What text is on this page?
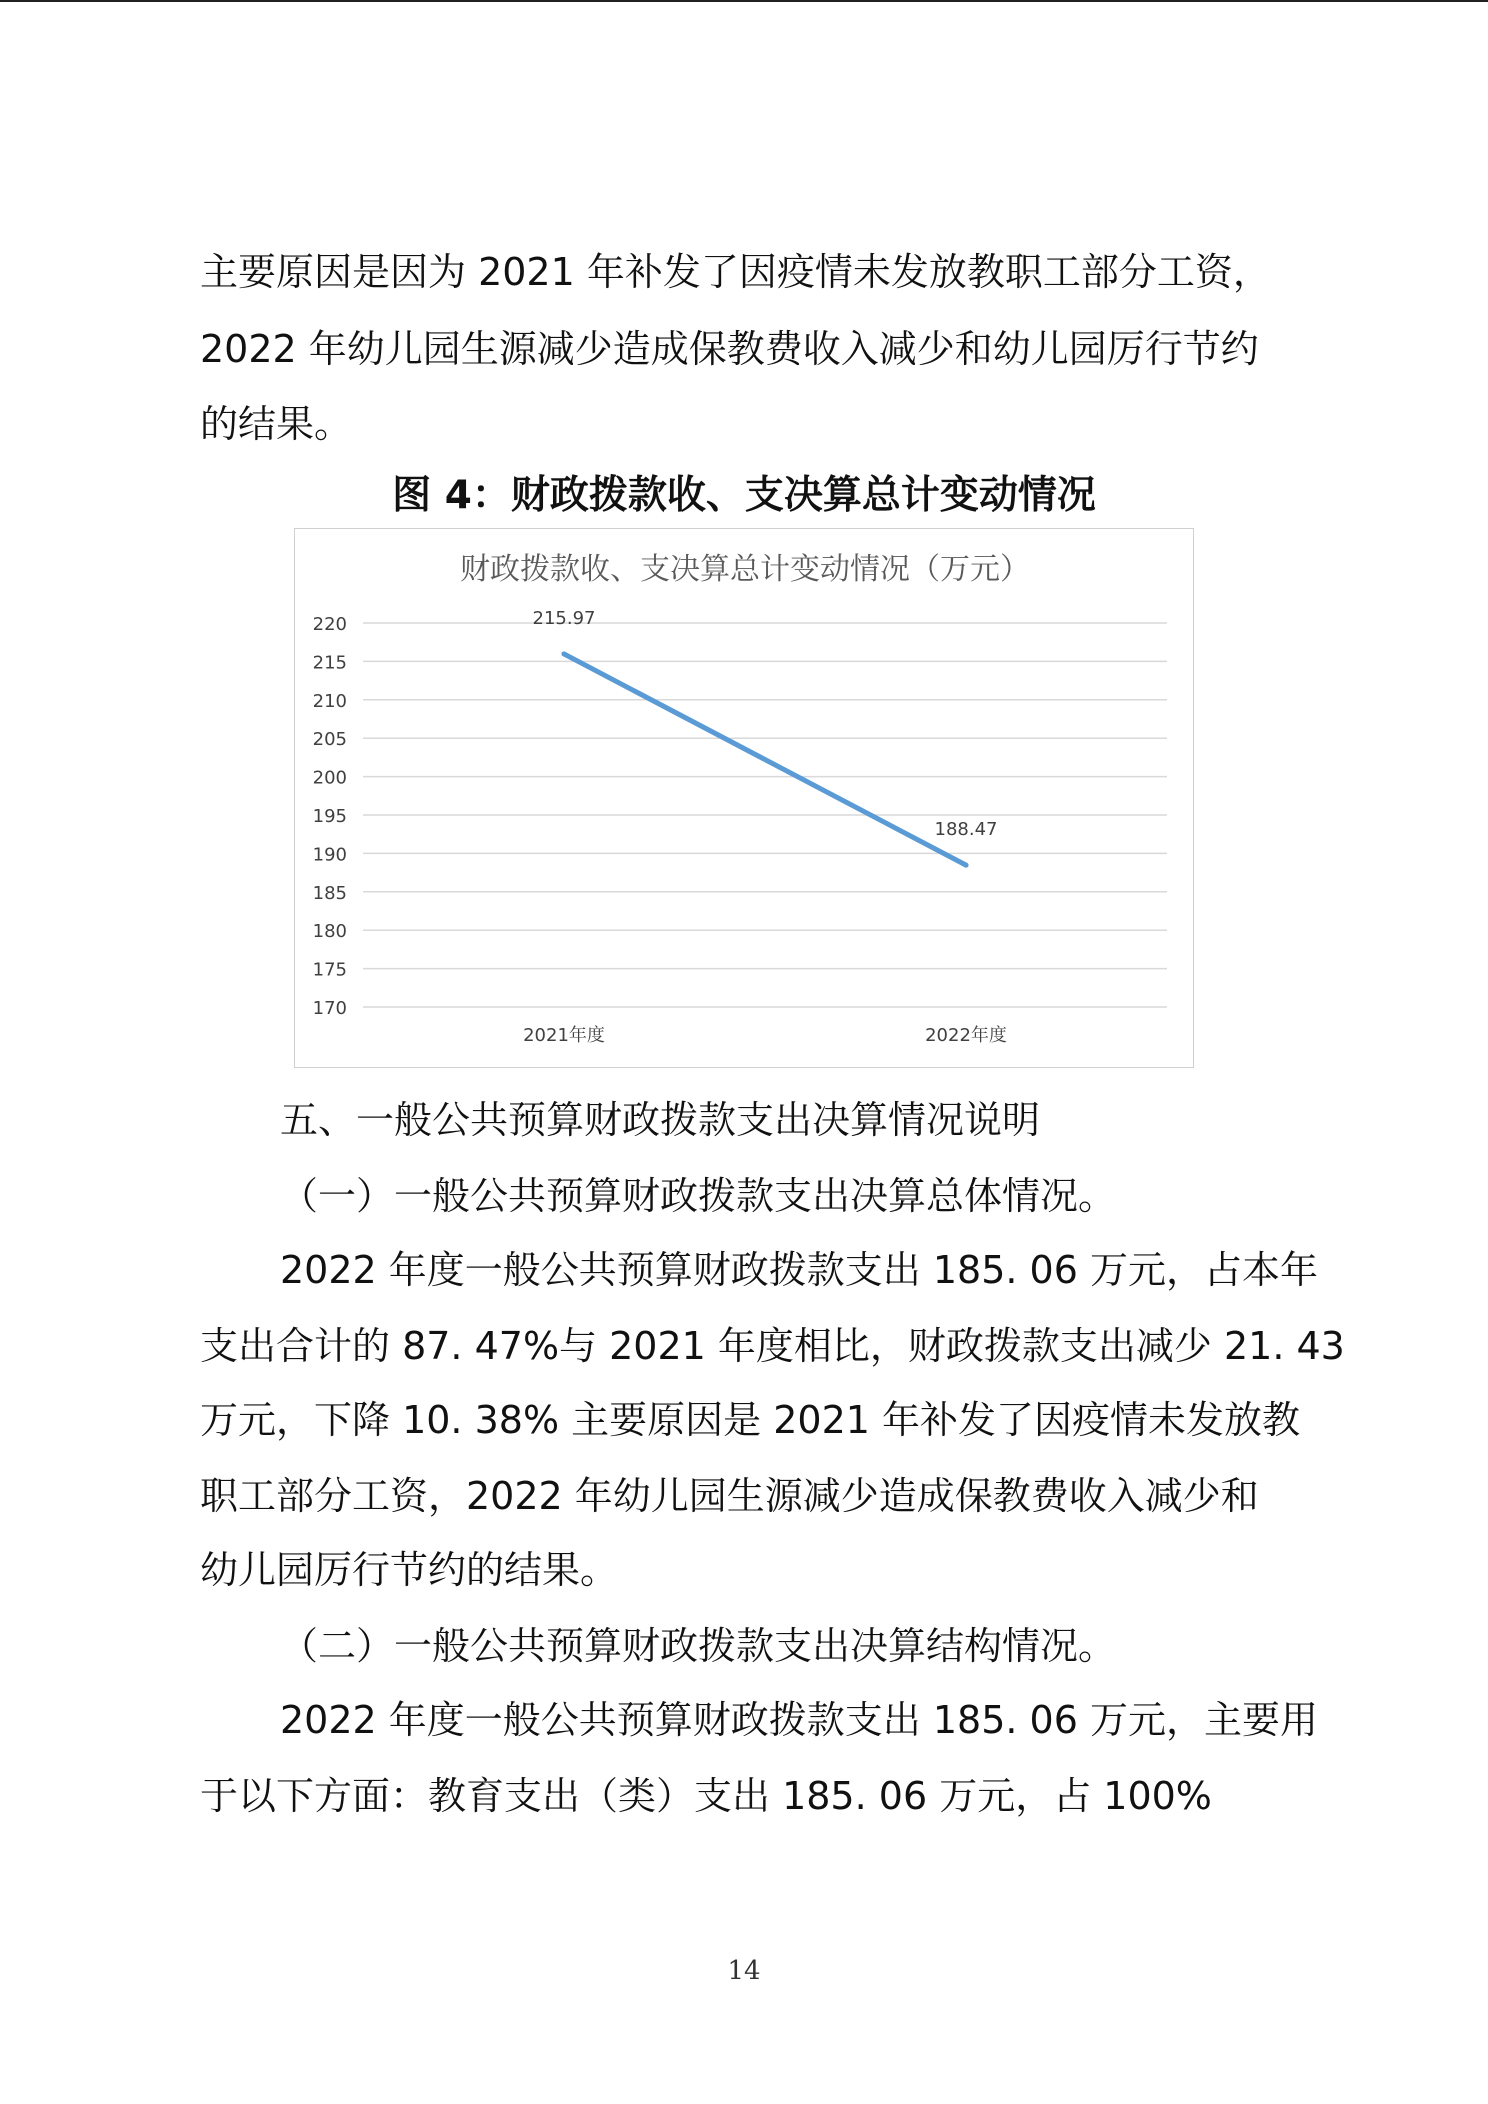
主要原因是因为 2021 年补发了因疫情未发放教职工部分工资，
2022 年幼儿园生源减少造成保教费收入减少和幼儿园厉行节约
的结果。
图 4：财政拨款收、支决算总计变动情况
财政拨款收、支决算总计变动情况（万元）
220
215
210
205
200
195
190
185
180
175
170
2021年度	2022年度
215.97
188.47
五、一般公共预算财政拨款支出决算情况说明
（一）一般公共预算财政拨款支出决算总体情况。
2022 年度一般公共预算财政拨款支出 185. 06 万元，占本年
支出合计的 87. 47%与 2021 年度相比，财政拨款支出减少 21. 43
万元，下降 10. 38% 主要原因是 2021 年补发了因疫情未发放教
职工部分工资，2022 年幼儿园生源减少造成保教费收入减少和
幼儿园厉行节约的结果。
（二）一般公共预算财政拨款支出决算结构情况。
2022 年度一般公共预算财政拨款支出 185. 06 万元，主要用
于以下方面：教育支出（类）支出 185. 06 万元，占 100%
14
